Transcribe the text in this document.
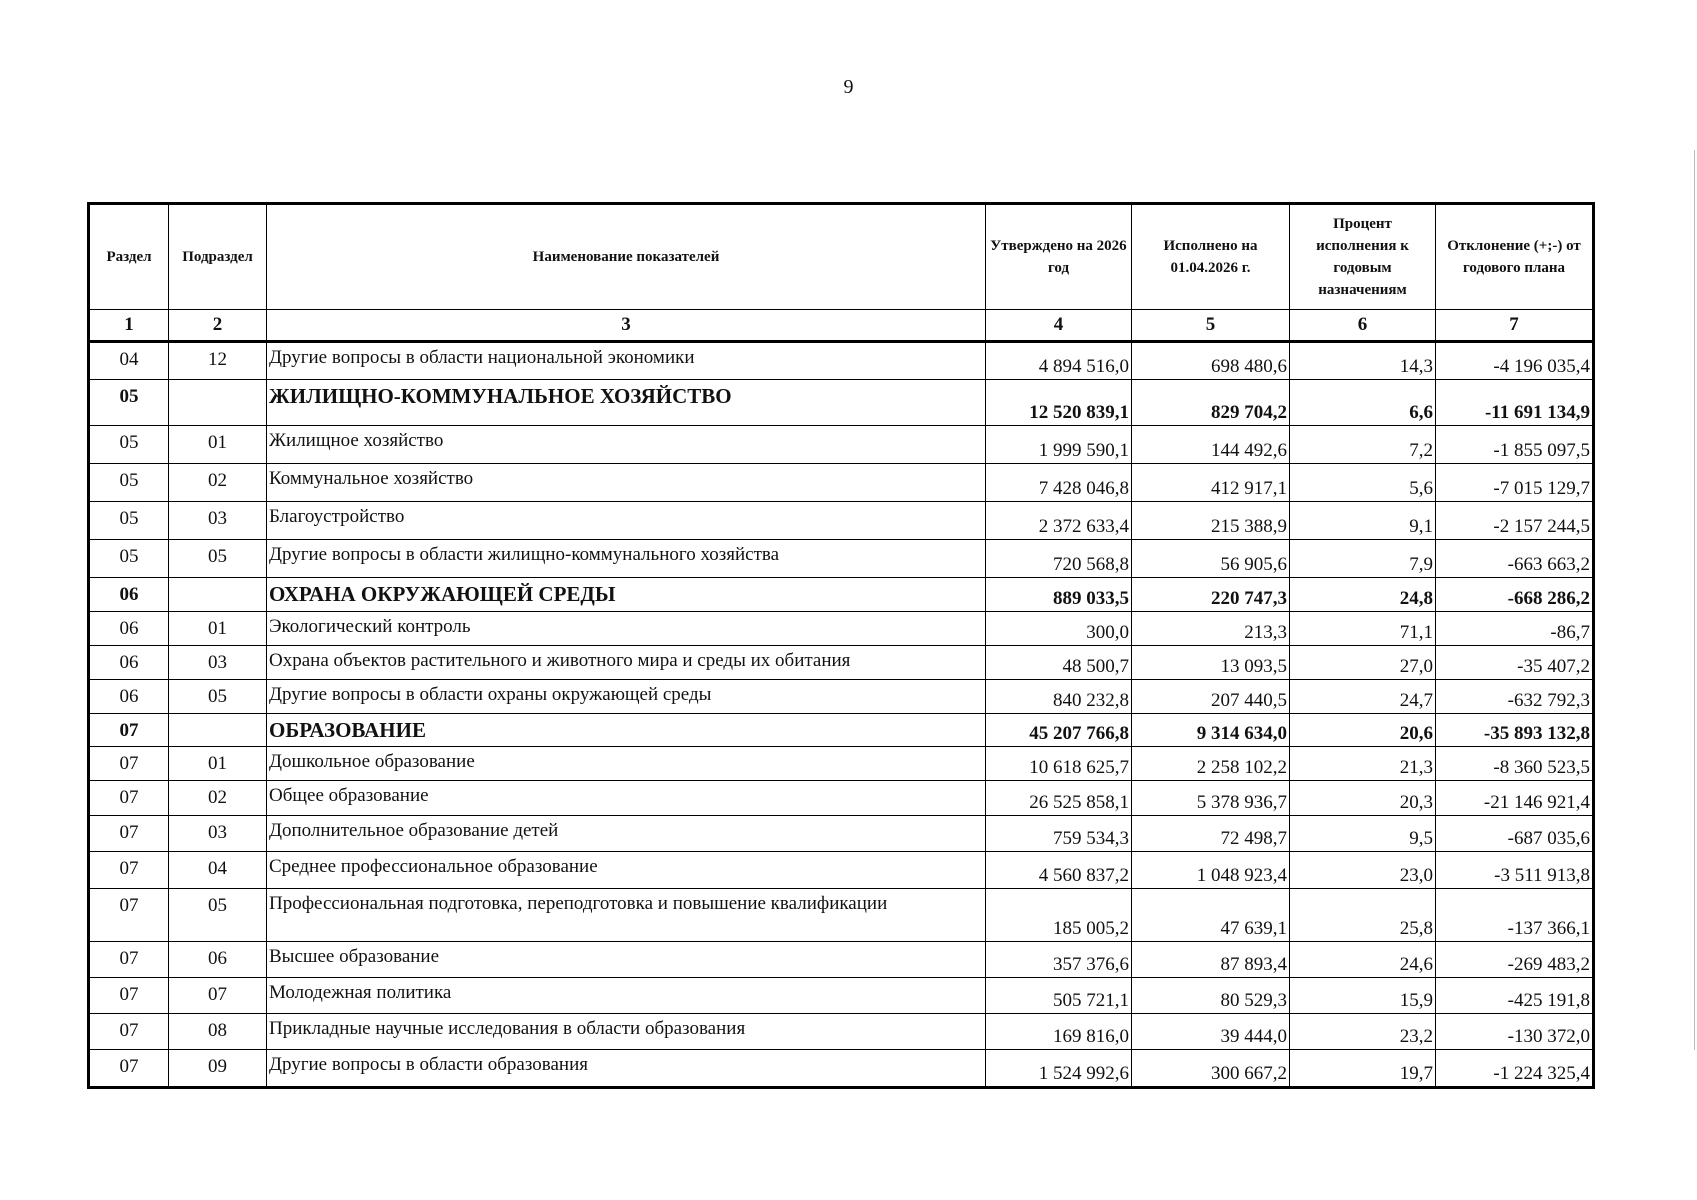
9
Раздел	Подраздел	Наименование показателей	Утверждено на 2026 год	Исполнено на 01.04.2026 г.	Процент исполнения к годовым назначениям	Отклонение (+;-) от годового плана
1	2	3	4	5	6	7
04	12	Другие вопросы в области национальной экономики	4 894 516,0	698 480,6	14,3	-4 196 035,4
05		ЖИЛИЩНО-КОММУНАЛЬНОЕ ХОЗЯЙСТВО	12 520 839,1	829 704,2	6,6	-11 691 134,9
05	01	Жилищное хозяйство	1 999 590,1	144 492,6	7,2	-1 855 097,5
05	02	Коммунальное хозяйство	7 428 046,8	412 917,1	5,6	-7 015 129,7
05	03	Благоустройство	2 372 633,4	215 388,9	9,1	-2 157 244,5
05	05	Другие вопросы в области жилищно-коммунального хозяйства	720 568,8	56 905,6	7,9	-663 663,2
06		ОХРАНА ОКРУЖАЮЩЕЙ СРЕДЫ	889 033,5	220 747,3	24,8	-668 286,2
06	01	Экологический контроль	300,0	213,3	71,1	-86,7
06	03	Охрана объектов растительного и животного мира и среды их обитания	48 500,7	13 093,5	27,0	-35 407,2
06	05	Другие вопросы в области охраны окружающей среды	840 232,8	207 440,5	24,7	-632 792,3
07		ОБРАЗОВАНИЕ	45 207 766,8	9 314 634,0	20,6	-35 893 132,8
07	01	Дошкольное образование	10 618 625,7	2 258 102,2	21,3	-8 360 523,5
07	02	Общее образование	26 525 858,1	5 378 936,7	20,3	-21 146 921,4
07	03	Дополнительное образование детей	759 534,3	72 498,7	9,5	-687 035,6
07	04	Среднее профессиональное образование	4 560 837,2	1 048 923,4	23,0	-3 511 913,8
07	05	Профессиональная подготовка, переподготовка и повышение квалификации	185 005,2	47 639,1	25,8	-137 366,1
07	06	Высшее образование	357 376,6	87 893,4	24,6	-269 483,2
07	07	Молодежная политика	505 721,1	80 529,3	15,9	-425 191,8
07	08	Прикладные научные исследования в области образования	169 816,0	39 444,0	23,2	-130 372,0
07	09	Другие вопросы в области образования	1 524 992,6	300 667,2	19,7	-1 224 325,4
